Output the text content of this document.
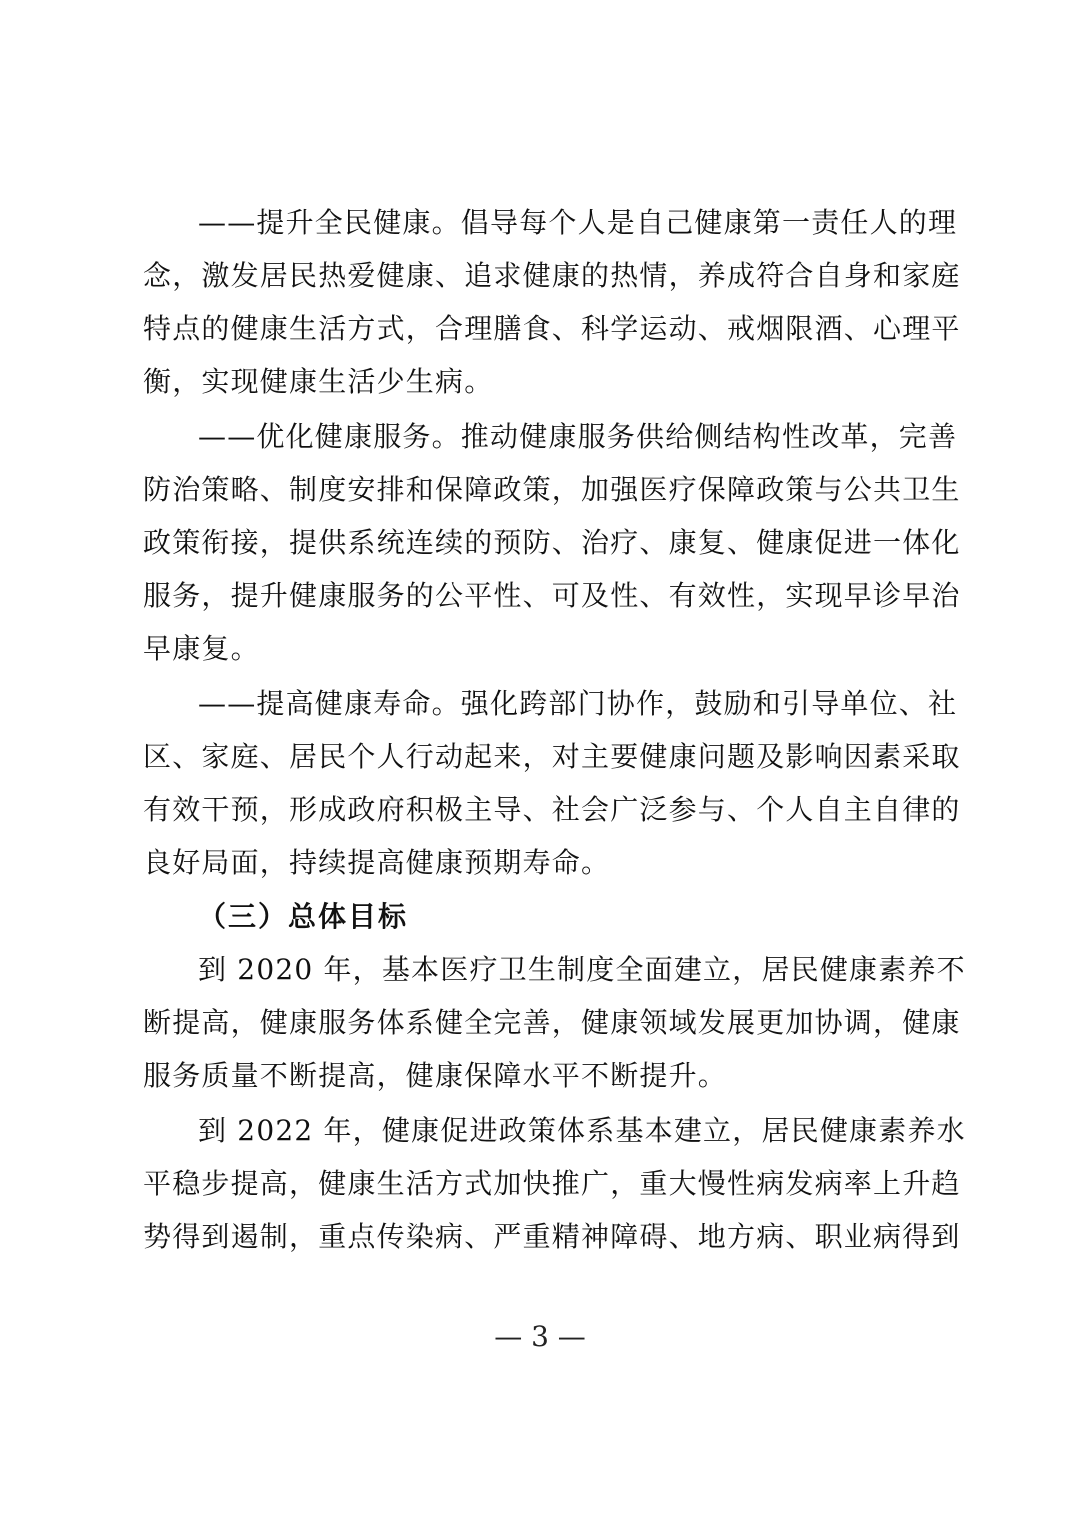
——提升全民健康。倡导每个人是自己健康第一责任人的理
念，激发居民热爱健康、追求健康的热情，养成符合自身和家庭
特点的健康生活方式，合理膳食、科学运动、戒烟限酒、心理平
衡，实现健康生活少生病。
——优化健康服务。推动健康服务供给侧结构性改革，完善
防治策略、制度安排和保障政策，加强医疗保障政策与公共卫生
政策衔接，提供系统连续的预防、治疗、康复、健康促进一体化
服务，提升健康服务的公平性、可及性、有效性，实现早诊早治
早康复。
——提高健康寿命。强化跨部门协作，鼓励和引导单位、社
区、家庭、居民个人行动起来，对主要健康问题及影响因素采取
有效干预，形成政府积极主导、社会广泛参与、个人自主自律的
良好局面，持续提高健康预期寿命。
（三）总体目标
到 2020 年，基本医疗卫生制度全面建立，居民健康素养不
断提高，健康服务体系健全完善，健康领域发展更加协调，健康
服务质量不断提高，健康保障水平不断提升。
到 2022 年，健康促进政策体系基本建立，居民健康素养水
平稳步提高，健康生活方式加快推广，重大慢性病发病率上升趋
势得到遏制，重点传染病、严重精神障碍、地方病、职业病得到
— 3 —
